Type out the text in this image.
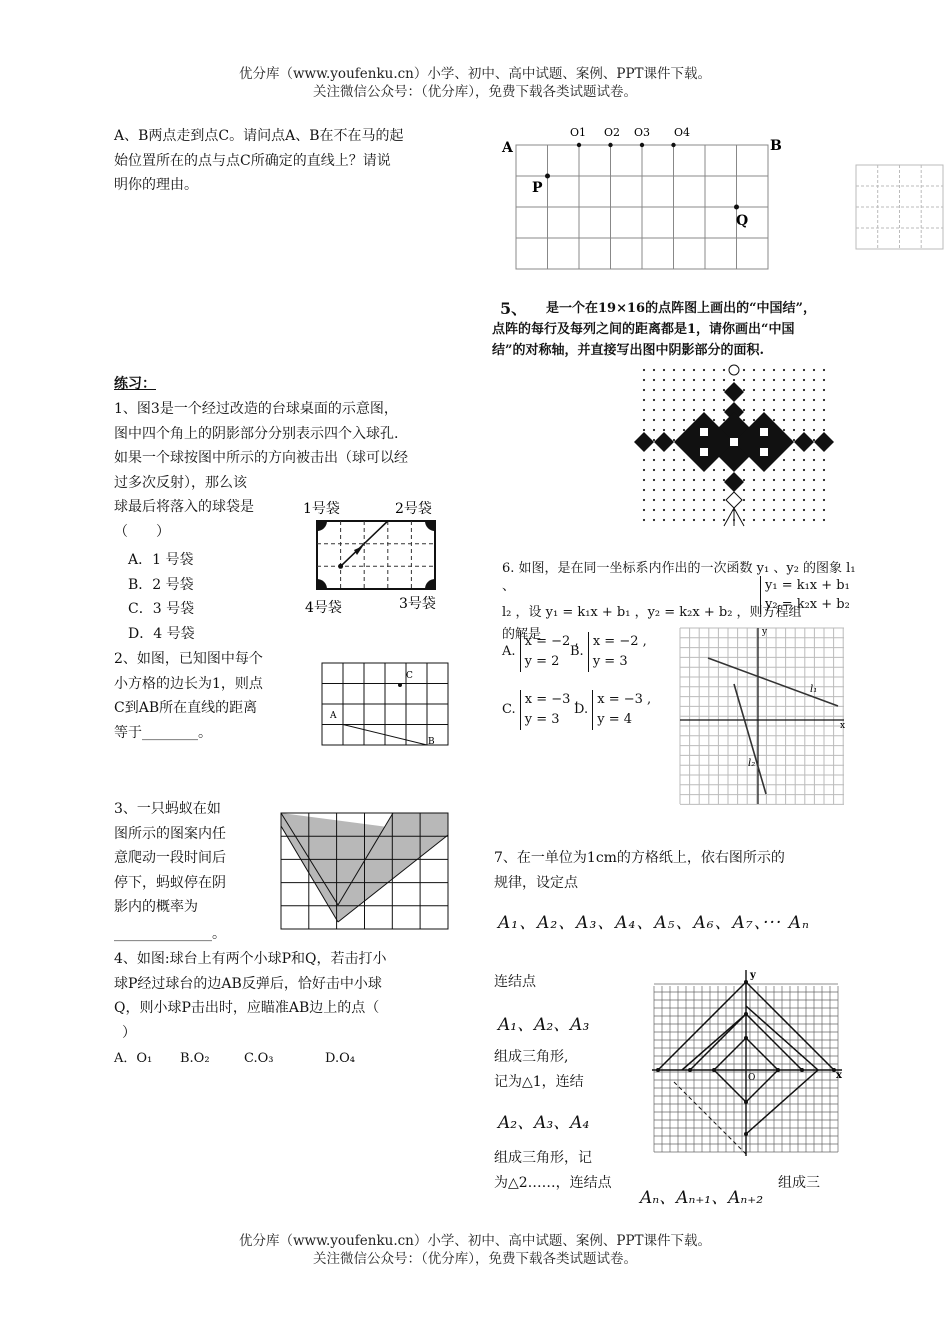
优分库（www.youfenku.cn）小学、初中、高中试题、案例、PPT课件下载。
关注微信公众号：（优分库），免费下载各类试题试卷。
A、B两点走到点C。请问点A、B在不在马的起
始位置所在的点与点C所确定的直线上？请说
明你的理由。
练习：
1、图3是一个经过改造的台球桌面的示意图，
图中四个角上的阴影部分分别表示四个入球孔.
如果一个球按图中所示的方向被击出（球可以经
过多次反射），那么该
球最后将落入的球袋是
（　　）
A．1 号袋
B．2 号袋
C．3 号袋
D．4 号袋
1号袋	2号袋
4号袋	3号袋
2、如图，已知图中每个
小方格的边长为1，则点
C到AB所在直线的距离
等于________。
C
A
B
3、一只蚂蚁在如
图所示的图案内任
意爬动一段时间后
停下，蚂蚁停在阴
影内的概率为
______________。
4、如图:球台上有两个小球P和Q，若击打小
球P经过球台的边AB反弹后，恰好击中小球
Q，则小球P击出时，应瞄准AB边上的点（
）
A．O₁ B.O₂	C.O₃	D.O₄
A	B
P
Q
O1 O2 O3 O4
5、	是一个在19×16的点阵图上画出的“中国结”，
点阵的每行及每列之间的距离都是1，请你画出“中国
结”的对称轴，并直接写出图中阴影部分的面积.
6. 如图，是在同一坐标系内作出的一次函数 y₁ 、y₂ 的图象 l₁ 、
l₂ ，设 y₁ = k₁x + b₁ ，y₂ = k₂x + b₂ ，则方程组
的解是
y₁ = k₁x + b₁
y₂ = k₂x + b₂
A.
x = −2 ,
y = 2
B.
x = −2 ,
y = 3
C.
x = −3 ,
y = 3
D.
x = −3 ,
y = 4
l₁
l₂
y
x
7、在一单位为1cm的方格纸上，依右图所示的
规律，设定点
A₁、A₂、A₃、A₄、A₅、A₆、A₇、··· Aₙ
连结点
A₁、A₂、A₃
组成三角形,
记为△1，连结
A₂、A₃、A₄
组成三角形，记
为△2……，连结点
Aₙ、Aₙ₊₁、Aₙ₊₂
组成三
y
x
O
优分库（www.youfenku.cn）小学、初中、高中试题、案例、PPT课件下载。
关注微信公众号：（优分库），免费下载各类试题试卷。
